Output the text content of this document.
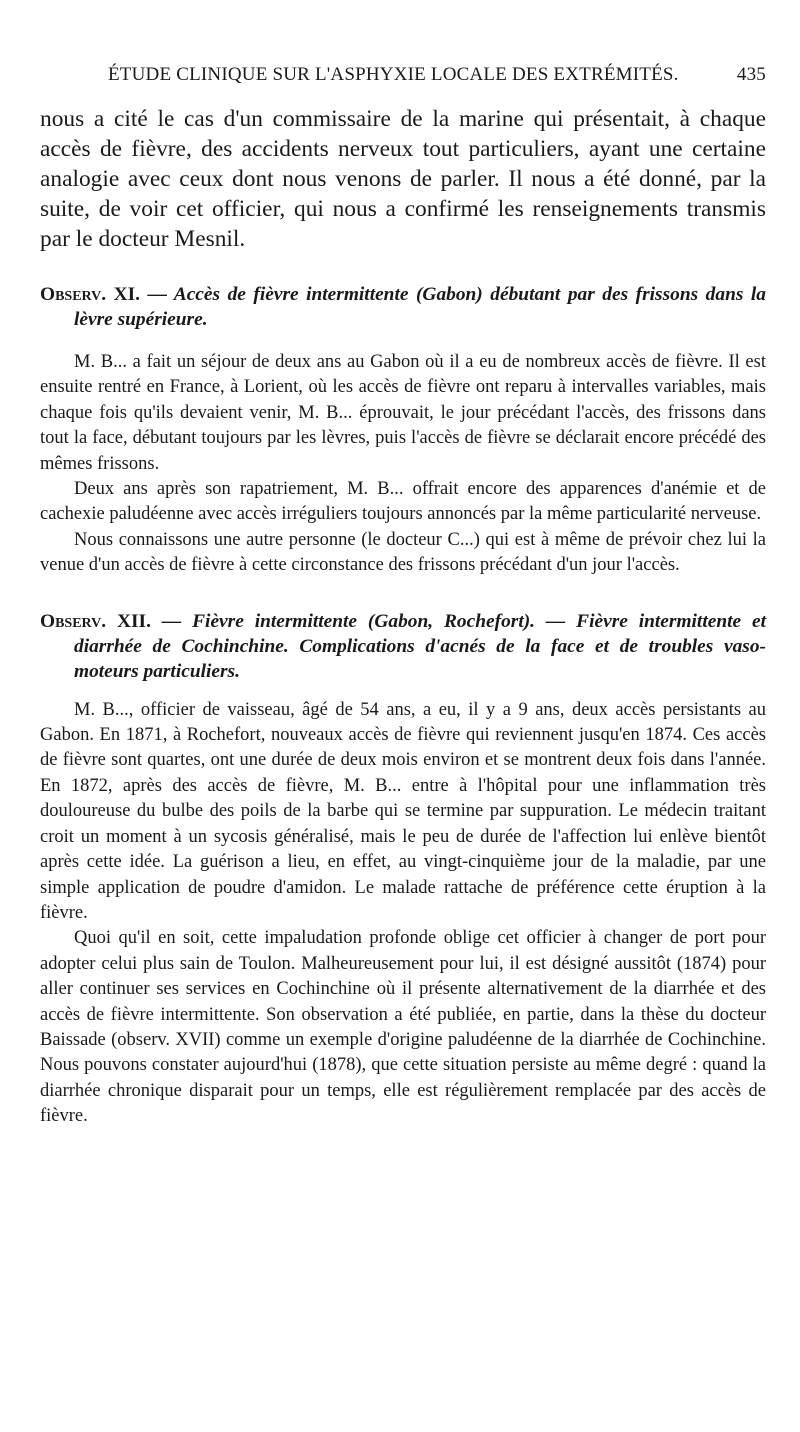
ÉTUDE CLINIQUE SUR L'ASPHYXIE LOCALE DES EXTRÉMITÉS.	435

nous a cité le cas d'un commissaire de la marine qui présentait, à chaque accès de fièvre, des accidents nerveux tout particuliers, ayant une certaine analogie avec ceux dont nous venons de parler. Il nous a été donné, par la suite, de voir cet officier, qui nous a confirmé les renseignements transmis par le docteur Mesnil.

Observ. XI. — Accès de fièvre intermittente (Gabon) débutant par des frissons dans la lèvre supérieure.

M. B... a fait un séjour de deux ans au Gabon où il a eu de nombreux accès de fièvre. Il est ensuite rentré en France, à Lorient, où les accès de fièvre ont reparu à intervalles variables, mais chaque fois qu'ils devaient venir, M. B... éprouvait, le jour précédant l'accès, des frissons dans tout la face, débutant toujours par les lèvres, puis l'accès de fièvre se déclarait encore précédé des mêmes frissons.

Deux ans après son rapatriement, M. B... offrait encore des apparences d'anémie et de cachexie paludéenne avec accès irréguliers toujours annoncés par la même particularité nerveuse.

Nous connaissons une autre personne (le docteur C...) qui est à même de prévoir chez lui la venue d'un accès de fièvre à cette circonstance des frissons précédant d'un jour l'accès.

Observ. XII. — Fièvre intermittente (Gabon, Rochefort). — Fièvre intermittente et diarrhée de Cochinchine. Complications d'acnés de la face et de troubles vaso-moteurs particuliers.

M. B..., officier de vaisseau, âgé de 54 ans, a eu, il y a 9 ans, deux accès persistants au Gabon. En 1871, à Rochefort, nouveaux accès de fièvre qui reviennent jusqu'en 1874. Ces accès de fièvre sont quartes, ont une durée de deux mois environ et se montrent deux fois dans l'année. En 1872, après des accès de fièvre, M. B... entre à l'hôpital pour une inflammation très douloureuse du bulbe des poils de la barbe qui se termine par suppuration. Le médecin traitant croit un moment à un sycosis généralisé, mais le peu de durée de l'affection lui enlève bientôt après cette idée. La guérison a lieu, en effet, au vingt-cinquième jour de la maladie, par une simple application de poudre d'amidon. Le malade rattache de préférence cette éruption à la fièvre.

Quoi qu'il en soit, cette impaludation profonde oblige cet officier à changer de port pour adopter celui plus sain de Toulon. Malheureusement pour lui, il est désigné aussitôt (1874) pour aller continuer ses services en Cochinchine où il présente alternativement de la diarrhée et des accès de fièvre intermittente. Son observation a été publiée, en partie, dans la thèse du docteur Baissade (observ. XVII) comme un exemple d'origine paludéenne de la diarrhée de Cochinchine. Nous pouvons constater aujourd'hui (1878), que cette situation persiste au même degré : quand la diarrhée chronique disparait pour un temps, elle est régulièrement remplacée par des accès de fièvre.
